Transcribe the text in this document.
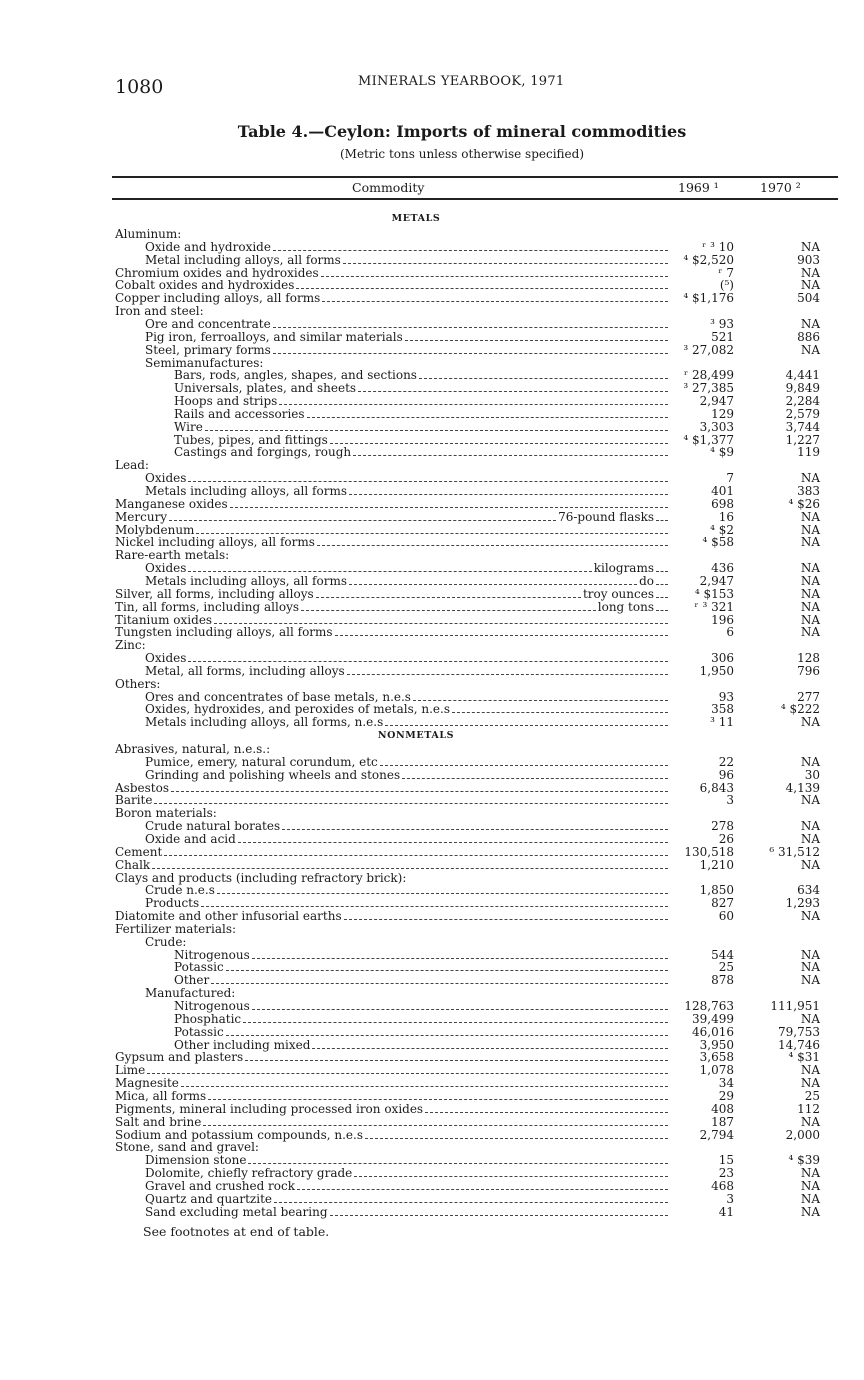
1080	MINERALS YEARBOOK, 1971
Table 4.—Ceylon: Imports of mineral commodities
(Metric tons unless otherwise specified)
Commodity	1969 ¹	1970 ²
METALS
Aluminum:
Oxide and hydroxide	ʳ ³ 10	NA
Metal including alloys, all forms	⁴ $2,520	903
Chromium oxides and hydroxides	ʳ 7	NA
Cobalt oxides and hydroxides	(⁵)	NA
Copper including alloys, all forms	⁴ $1,176	504
Iron and steel:
Ore and concentrate	³ 93	NA
Pig iron, ferroalloys, and similar materials	521	886
Steel, primary forms	³ 27,082	NA
Semimanufactures:
Bars, rods, angles, shapes, and sections	ʳ 28,499	4,441
Universals, plates, and sheets	³ 27,385	9,849
Hoops and strips	2,947	2,284
Rails and accessories	129	2,579
Wire	3,303	3,744
Tubes, pipes, and fittings	⁴ $1,377	1,227
Castings and forgings, rough	⁴ $9	119
Lead:
Oxides	7	NA
Metals including alloys, all forms	401	383
Manganese oxides	698	⁴ $26
Mercury	76-pound flasks	16	NA
Molybdenum	⁴ $2	NA
Nickel including alloys, all forms	⁴ $58	NA
Rare-earth metals:
Oxides	kilograms	436	NA
Metals including alloys, all forms	do	2,947	NA
Silver, all forms, including alloys	troy ounces	⁴ $153	NA
Tin, all forms, including alloys	long tons	ʳ ³ 321	NA
Titanium oxides	196	NA
Tungsten including alloys, all forms	6	NA
Zinc:
Oxides	306	128
Metal, all forms, including alloys	1,950	796
Others:
Ores and concentrates of base metals, n.e.s	93	277
Oxides, hydroxides, and peroxides of metals, n.e.s	358	⁴ $222
Metals including alloys, all forms, n.e.s	³ 11	NA
NONMETALS
Abrasives, natural, n.e.s.:
Pumice, emery, natural corundum, etc	22	NA
Grinding and polishing wheels and stones	96	30
Asbestos	6,843	4,139
Barite	3	NA
Boron materials:
Crude natural borates	278	NA
Oxide and acid	26	NA
Cement	130,518	⁶ 31,512
Chalk	1,210	NA
Clays and products (including refractory brick):
Crude n.e.s	1,850	634
Products	827	1,293
Diatomite and other infusorial earths	60	NA
Fertilizer materials:
Crude:
Nitrogenous	544	NA
Potassic	25	NA
Other	878	NA
Manufactured:
Nitrogenous	128,763	111,951
Phosphatic	39,499	NA
Potassic	46,016	79,753
Other including mixed	3,950	14,746
Gypsum and plasters	3,658	⁴ $31
Lime	1,078	NA
Magnesite	34	NA
Mica, all forms	29	25
Pigments, mineral including processed iron oxides	408	112
Salt and brine	187	NA
Sodium and potassium compounds, n.e.s	2,794	2,000
Stone, sand and gravel:
Dimension stone	15	⁴ $39
Dolomite, chiefly refractory grade	23	NA
Gravel and crushed rock	468	NA
Quartz and quartzite	3	NA
Sand excluding metal bearing	41	NA
See footnotes at end of table.
